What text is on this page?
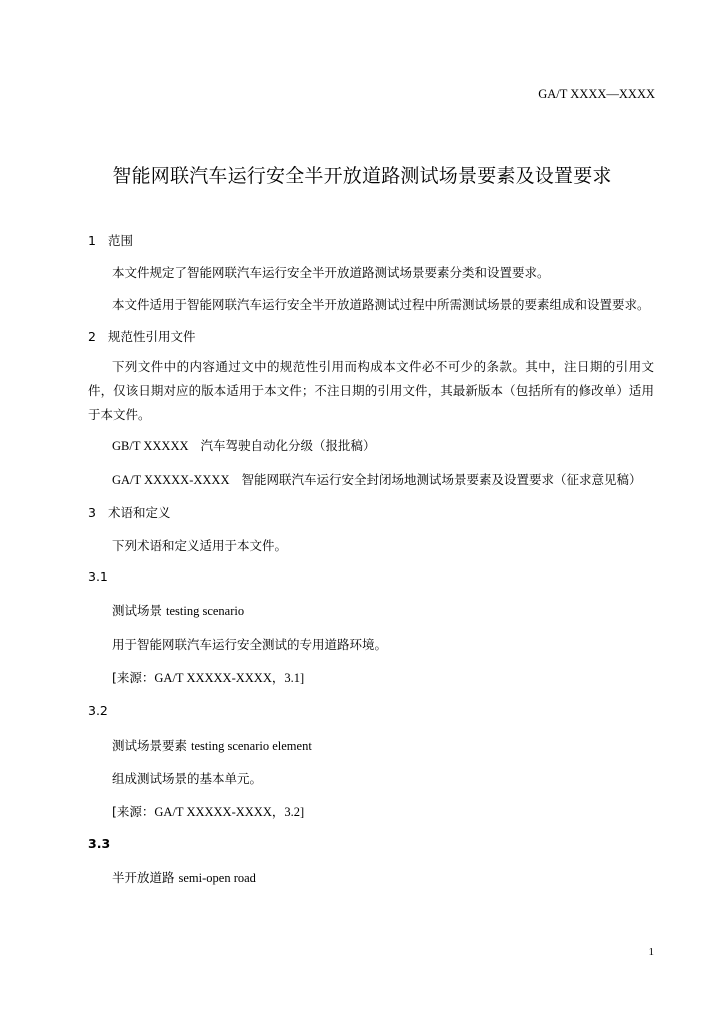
GA/T XXXX—XXXX
智能网联汽车运行安全半开放道路测试场景要素及设置要求
1 范围
本文件规定了智能网联汽车运行安全半开放道路测试场景要素分类和设置要求。
本文件适用于智能网联汽车运行安全半开放道路测试过程中所需测试场景的要素组成和设置要求。
2 规范性引用文件
下列文件中的内容通过文中的规范性引用而构成本文件必不可少的条款。其中，注日期的引用文件，仅该日期对应的版本适用于本文件；不注日期的引用文件，其最新版本（包括所有的修改单）适用于本文件。
GB/T XXXXX 汽车驾驶自动化分级（报批稿）
GA/T XXXXX-XXXX 智能网联汽车运行安全封闭场地测试场景要素及设置要求（征求意见稿）
3 术语和定义
下列术语和定义适用于本文件。
3.1
测试场景 testing scenario
用于智能网联汽车运行安全测试的专用道路环境。
[来源：GA/T XXXXX-XXXX，3.1]
3.2
测试场景要素 testing scenario element
组成测试场景的基本单元。
[来源：GA/T XXXXX-XXXX，3.2]
3.3
半开放道路 semi-open road
1
